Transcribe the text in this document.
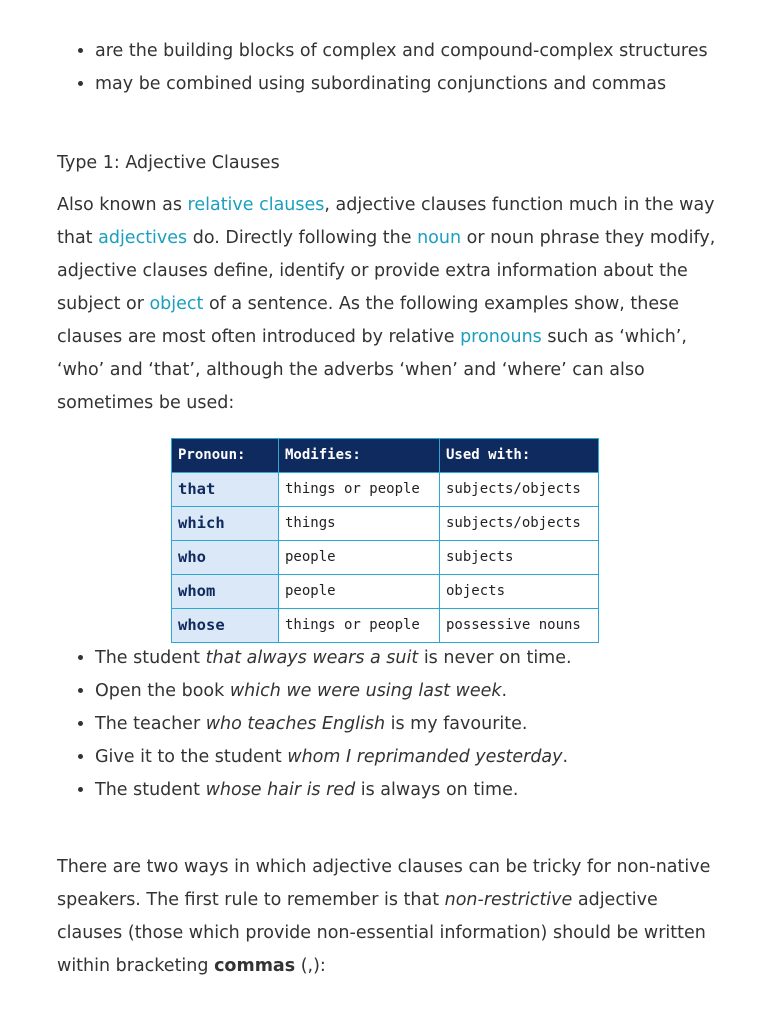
• are the building blocks of complex and compound-complex structures
• may be combined using subordinating conjunctions and commas
Type 1: Adjective Clauses

Also known as relative clauses, adjective clauses function much in the way that adjectives do. Directly following the noun or noun phrase they modify, adjective clauses define, identify or provide extra information about the subject or object of a sentence. As the following examples show, these clauses are most often introduced by relative pronouns such as ‘which’, ‘who’ and ‘that’, although the adverbs ‘when’ and ‘where’ can also sometimes be used:

Pronoun:	Modifies:	Used with:
that	things or people	subjects/objects
which	things	subjects/objects
who	people	subjects
whom	people	objects
whose	things or people	possessive nouns
• The student that always wears a suit is never on time.
• Open the book which we were using last week.
• The teacher who teaches English is my favourite.
• Give it to the student whom I reprimanded yesterday.
• The student whose hair is red is always on time.

There are two ways in which adjective clauses can be tricky for non-native speakers. The first rule to remember is that non-restrictive adjective clauses (those which provide non-essential information) should be written within bracketing commas (,):
